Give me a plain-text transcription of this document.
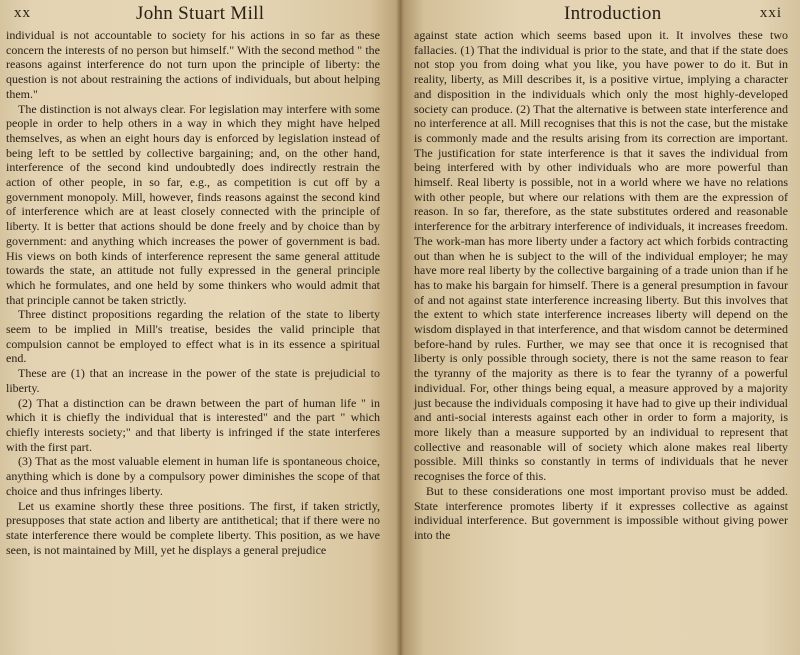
xx	John Stuart Mill

individual is not accountable to society for his actions in so far as these concern the interests of no person but himself." With the second method " the reasons against interference do not turn upon the principle of liberty: the question is not about restraining the actions of individuals, but about helping them."

The distinction is not always clear. For legislation may interfere with some people in order to help others in a way in which they might have helped themselves, as when an eight hours day is enforced by legislation instead of being left to be settled by collective bargaining; and, on the other hand, interference of the second kind undoubtedly does indirectly restrain the action of other people, in so far, e.g., as competition is cut off by a government monopoly. Mill, however, finds reasons against the second kind of interference which are at least closely connected with the principle of liberty. It is better that actions should be done freely and by choice than by government: and anything which increases the power of government is bad. His views on both kinds of interference represent the same general attitude towards the state, an attitude not fully expressed in the general principle which he formulates, and one held by some thinkers who would admit that that principle cannot be taken strictly.

Three distinct propositions regarding the relation of the state to liberty seem to be implied in Mill's treatise, besides the valid principle that compulsion cannot be employed to effect what is in its essence a spiritual end.

These are (1) that an increase in the power of the state is prejudicial to liberty.

(2) That a distinction can be drawn between the part of human life " in which it is chiefly the individual that is interested" and the part " which chiefly interests society;" and that liberty is infringed if the state interferes with the first part.

(3) That as the most valuable element in human life is spontaneous choice, anything which is done by a compulsory power diminishes the scope of that choice and thus infringes liberty.

Let us examine shortly these three positions. The first, if taken strictly, presupposes that state action and liberty are antithetical; that if there were no state interference there would be complete liberty. This position, as we have seen, is not maintained by Mill, yet he displays a general prejudice

Introduction	xxi

against state action which seems based upon it. It involves these two fallacies. (1) That the individual is prior to the state, and that if the state does not stop you from doing what you like, you have power to do it. But in reality, liberty, as Mill describes it, is a positive virtue, implying a character and disposition in the individuals which only the most highly-developed society can produce. (2) That the alternative is between state interference and no interference at all. Mill recognises that this is not the case, but the mistake is commonly made and the results arising from its correction are important. The justification for state interference is that it saves the individual from being interfered with by other individuals who are more powerful than himself. Real liberty is possible, not in a world where we have no relations with other people, but where our relations with them are the expression of reason. In so far, therefore, as the state substitutes ordered and reasonable interference for the arbitrary interference of individuals, it increases freedom. The work-man has more liberty under a factory act which forbids contracting out than when he is subject to the will of the individual employer; he may have more real liberty by the collective bargaining of a trade union than if he has to make his bargain for himself. There is a general presumption in favour of and not against state interference increasing liberty. But this involves that the extent to which state interference increases liberty will depend on the wisdom displayed in that interference, and that wisdom cannot be determined before-hand by rules. Further, we may see that once it is recognised that liberty is only possible through society, there is not the same reason to fear the tyranny of the majority as there is to fear the tyranny of a powerful individual. For, other things being equal, a measure approved by a majority just because the individuals composing it have had to give up their individual and anti-social interests against each other in order to form a majority, is more likely than a measure supported by an individual to represent that collective and reasonable will of society which alone makes real liberty possible. Mill thinks so constantly in terms of individuals that he never recognises the force of this.

But to these considerations one most important proviso must be added. State interference promotes liberty if it expresses collective as against individual interference. But government is impossible without giving power into the
